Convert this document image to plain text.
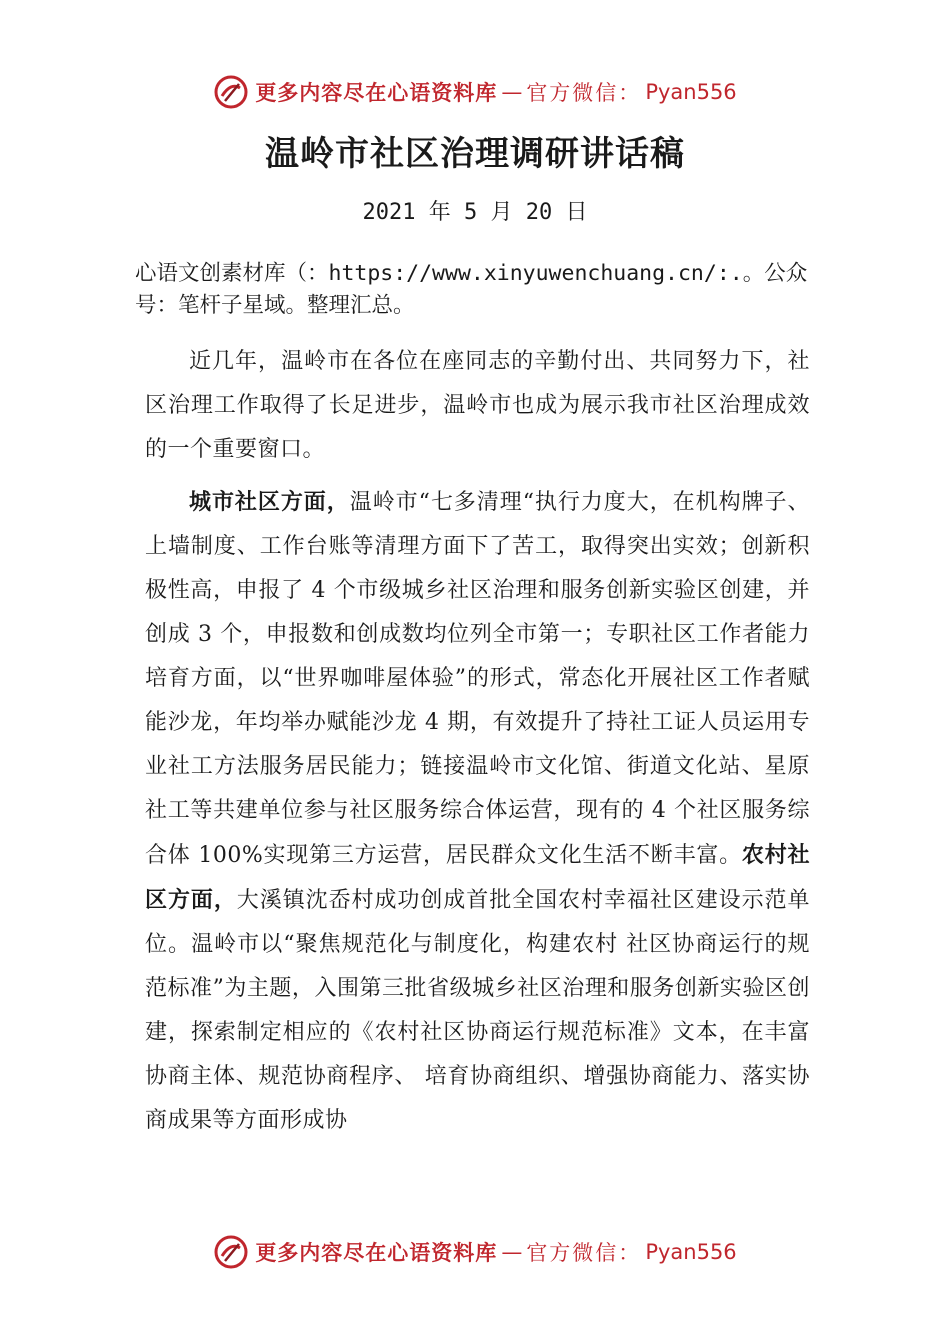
更多内容尽在心语资料库 — 官方微信： Pyan556
温岭市社区治理调研讲话稿
2021 年 5 月 20 日
心语文创素材库（：https://www.xinyuwenchuang.cn/:.。公众号：笔杆子星域。整理汇总。

近几年，温岭市在各位在座同志的辛勤付出、共同努力下，社区治理工作取得了长足进步，温岭市也成为展示我市社区治理成效的一个重要窗口。

城市社区方面，温岭市“七多清理“执行力度大，在机构牌子、上墙制度、工作台账等清理方面下了苦工，取得突出实效；创新积极性高，申报了 4 个市级城乡社区治理和服务创新实验区创建，并创成 3 个，申报数和创成数均位列全市第一；专职社区工作者能力培育方面，以“世界咖啡屋体验”的形式，常态化开展社区工作者赋能沙龙，年均举办赋能沙龙 4 期，有效提升了持社工证人员运用专业社工方法服务居民能力；链接温岭市文化馆、街道文化站、星原社工等共建单位参与社区服务综合体运营，现有的 4 个社区服务综合体 100%实现第三方运营，居民群众文化生活不断丰富。农村社区方面，大溪镇沈岙村成功创成首批全国农村幸福社区建设示范单位。温岭市以“聚焦规范化与制度化，构建农村 社区协商运行的规范标准”为主题，入围第三批省级城乡社区治理和服务创新实验区创建，探索制定相应的《农村社区协商运行规范标准》文本，在丰富协商主体、规范协商程序、 培育协商组织、增强协商能力、落实协商成果等方面形成协

更多内容尽在心语资料库 — 官方微信： Pyan556
